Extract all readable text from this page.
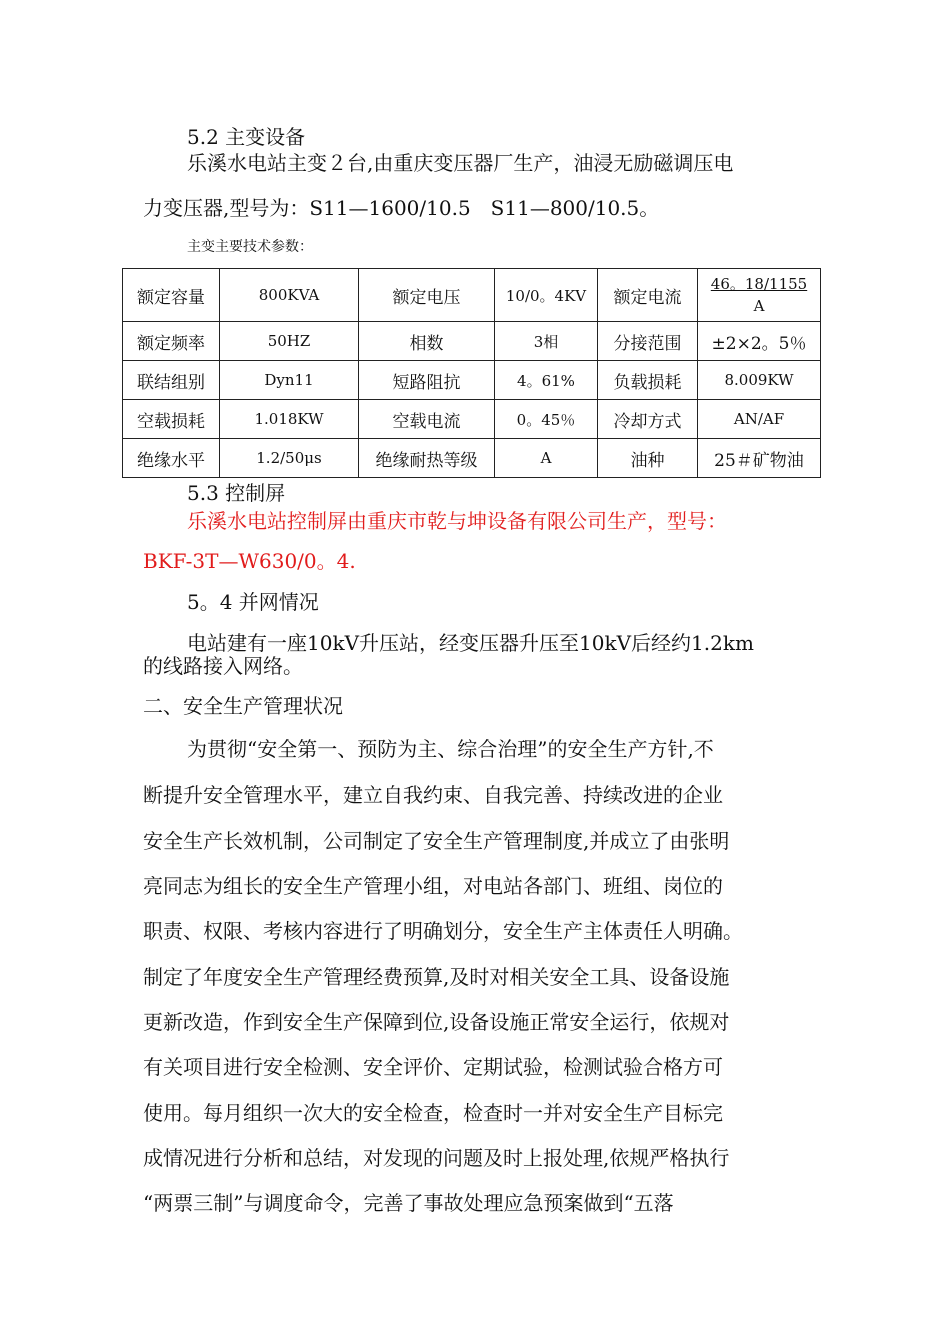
5.2 主变设备
乐溪水电站主变２台,由重庆变压器厂生产，油浸无励磁调压电
力变压器,型号为：S11—1600/10.5　S11—800/10.5。
主变主要技术参数：
额定容量	800KVA	额定电压	10/0。4KV	额定电流	$\frac{46。18/1155}{A}$
额定频率	50HZ	相数	3相	分接范围	±2×2。5％
联结组别	Dyn11	短路阻抗	4。61%	负载损耗	8.009KW
空载损耗	1.018KW	空载电流	0。45％	冷却方式	AN/AF
绝缘水平	1.2/50μs	绝缘耐热等级	A	油种	25＃矿物油
5.3 控制屏
乐溪水电站控制屏由重庆市乾与坤设备有限公司生产，型号：
BKF-3T—W630/0。4.
5。4 并网情况
电站建有一座10kV升压站，经变压器升压至10kV后经约1.2km
的线路接入网络。
二、安全生产管理状况
为贯彻“安全第一、预防为主、综合治理”的安全生产方针,不
断提升安全管理水平，建立自我约束、自我完善、持续改进的企业
安全生产长效机制，公司制定了安全生产管理制度,并成立了由张明
亮同志为组长的安全生产管理小组，对电站各部门、班组、岗位的
职责、权限、考核内容进行了明确划分，安全生产主体责任人明确。
制定了年度安全生产管理经费预算,及时对相关安全工具、设备设施
更新改造，作到安全生产保障到位,设备设施正常安全运行，依规对
有关项目进行安全检测、安全评价、定期试验，检测试验合格方可
使用。每月组织一次大的安全检查，检查时一并对安全生产目标完
成情况进行分析和总结，对发现的问题及时上报处理,依规严格执行
“两票三制”与调度命令，完善了事故处理应急预案做到“五落
